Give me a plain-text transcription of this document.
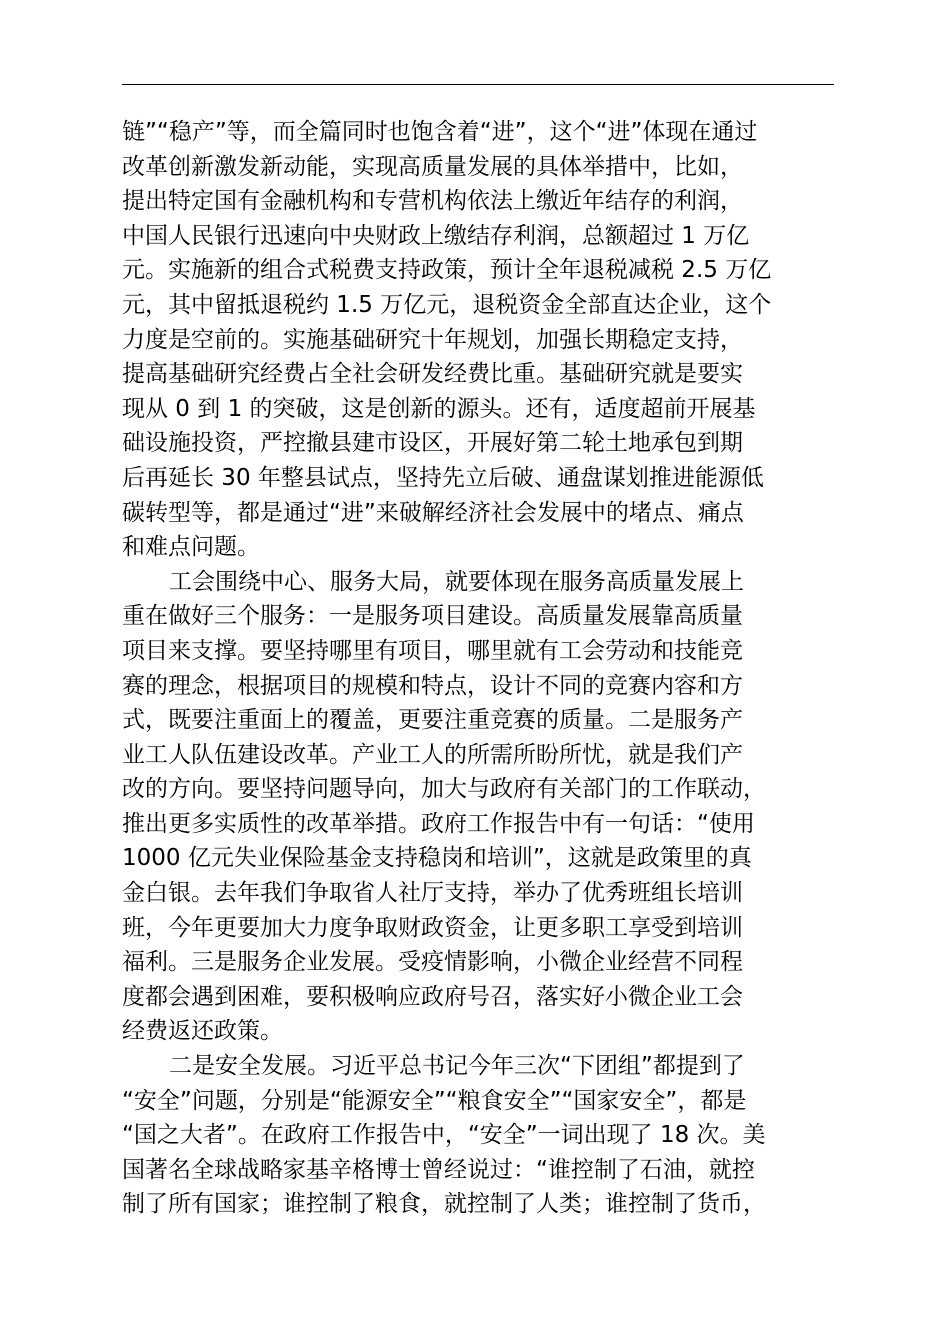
链”“稳产”等，而全篇同时也饱含着“进”，这个“进”体现在通过
改革创新激发新动能，实现高质量发展的具体举措中，比如，
提出特定国有金融机构和专营机构依法上缴近年结存的利润，
中国人民银行迅速向中央财政上缴结存利润，总额超过 1 万亿
元。实施新的组合式税费支持政策，预计全年退税减税 2.5 万亿
元，其中留抵退税约 1.5 万亿元，退税资金全部直达企业，这个
力度是空前的。实施基础研究十年规划，加强长期稳定支持，
提高基础研究经费占全社会研发经费比重。基础研究就是要实
现从 0 到 1 的突破，这是创新的源头。还有，适度超前开展基
础设施投资，严控撤县建市设区，开展好第二轮土地承包到期
后再延长 30 年整县试点，坚持先立后破、通盘谋划推进能源低
碳转型等，都是通过“进”来破解经济社会发展中的堵点、痛点
和难点问题。
工会围绕中心、服务大局，就要体现在服务高质量发展上
重在做好三个服务：一是服务项目建设。高质量发展靠高质量
项目来支撑。要坚持哪里有项目，哪里就有工会劳动和技能竞
赛的理念，根据项目的规模和特点，设计不同的竞赛内容和方
式，既要注重面上的覆盖，更要注重竞赛的质量。二是服务产
业工人队伍建设改革。产业工人的所需所盼所忧，就是我们产
改的方向。要坚持问题导向，加大与政府有关部门的工作联动，
推出更多实质性的改革举措。政府工作报告中有一句话：“使用
1000 亿元失业保险基金支持稳岗和培训”，这就是政策里的真
金白银。去年我们争取省人社厅支持，举办了优秀班组长培训
班，今年更要加大力度争取财政资金，让更多职工享受到培训
福利。三是服务企业发展。受疫情影响，小微企业经营不同程
度都会遇到困难，要积极响应政府号召，落实好小微企业工会
经费返还政策。
二是安全发展。习近平总书记今年三次“下团组”都提到了
“安全”问题，分别是“能源安全”“粮食安全”“国家安全”，都是
“国之大者”。在政府工作报告中，“安全”一词出现了 18 次。美
国著名全球战略家基辛格博士曾经说过：“谁控制了石油，就控
制了所有国家；谁控制了粮食，就控制了人类；谁控制了货币，
